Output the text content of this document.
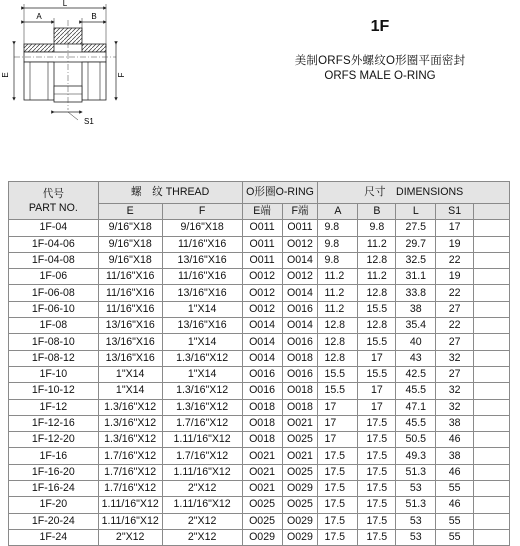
L
A	B
E	F
S1
1F
美制ORFS外螺纹O形圈平面密封
ORFS MALE O-RING
代号
PART NO.	螺　纹 THREAD		O形圈O-RING		尺寸　DIMENSIONS				
	E	F	E端	F端	A	B	L	S1	
1F-04	9/16"X18	9/16"X18	O011	O011	9.8	9.8	27.5	17	
1F-04-06	9/16"X18	11/16"X16	O011	O012	9.8	11.2	29.7	19	
1F-04-08	9/16"X18	13/16"X16	O011	O014	9.8	12.8	32.5	22	
1F-06	11/16"X16	11/16"X16	O012	O012	11.2	11.2	31.1	19	
1F-06-08	11/16"X16	13/16"X16	O012	O014	11.2	12.8	33.8	22	
1F-06-10	11/16"X16	1"X14	O012	O016	11.2	15.5	38	27	
1F-08	13/16"X16	13/16"X16	O014	O014	12.8	12.8	35.4	22	
1F-08-10	13/16"X16	1"X14	O014	O016	12.8	15.5	40	27	
1F-08-12	13/16"X16	1.3/16"X12	O014	O018	12.8	17	43	32	
1F-10	1"X14	1"X14	O016	O016	15.5	15.5	42.5	27	
1F-10-12	1"X14	1.3/16"X12	O016	O018	15.5	17	45.5	32	
1F-12	1.3/16"X12	1.3/16"X12	O018	O018	17	17	47.1	32	
1F-12-16	1.3/16"X12	1.7/16"X12	O018	O021	17	17.5	45.5	38	
1F-12-20	1.3/16"X12	1.11/16"X12	O018	O025	17	17.5	50.5	46	
1F-16	1.7/16"X12	1.7/16"X12	O021	O021	17.5	17.5	49.3	38	
1F-16-20	1.7/16"X12	1.11/16"X12	O021	O025	17.5	17.5	51.3	46	
1F-16-24	1.7/16"X12	2"X12	O021	O029	17.5	17.5	53	55	
1F-20	1.11/16"X12	1.11/16"X12	O025	O025	17.5	17.5	51.3	46	
1F-20-24	1.11/16"X12	2"X12	O025	O029	17.5	17.5	53	55	
1F-24	2"X12	2"X12	O029	O029	17.5	17.5	53	55	
